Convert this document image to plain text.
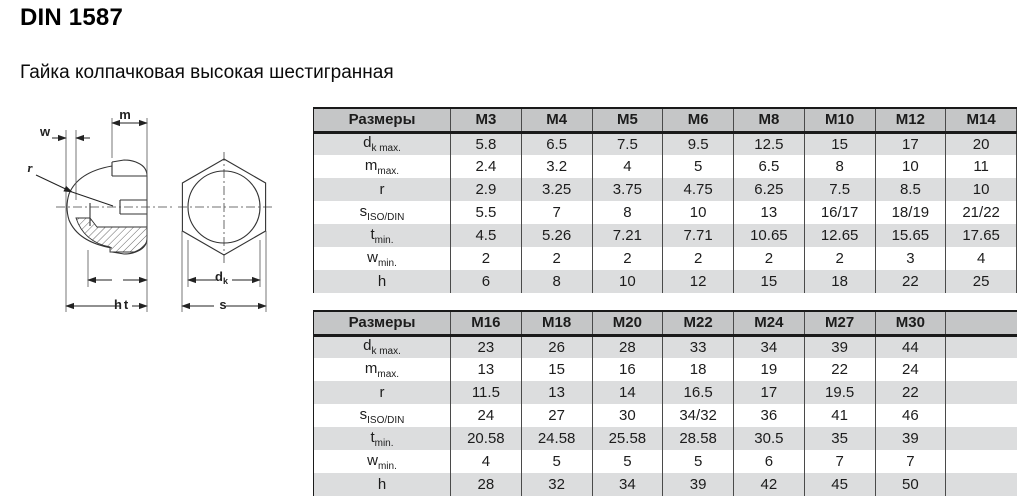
DIN 1587
Гайка колпачковая высокая шестигранная
m
w
r
t
h
d k
s
Размеры	M3	M4	M5	M6	M8	M10	M12	M14
$d_{k max.}$	5.8	6.5	7.5	9.5	12.5	15	17	20
$m_{max.}$	2.4	3.2	4	5	6.5	8	10	11
r	2.9	3.25	3.75	4.75	6.25	7.5	8.5	10
$s_{ISO/DIN}$	5.5	7	8	10	13	16/17	18/19	21/22
$t_{min.}$	4.5	5.26	7.21	7.71	10.65	12.65	15.65	17.65
$w_{min.}$	2	2	2	2	2	2	3	4
h	6	8	10	12	15	18	22	25
Размеры	M16	M18	M20	M22	M24	M27	M30	
$d_{k max.}$	23	26	28	33	34	39	44	
$m_{max.}$	13	15	16	18	19	22	24	
r	11.5	13	14	16.5	17	19.5	22	
$s_{ISO/DIN}$	24	27	30	34/32	36	41	46	
$t_{min.}$	20.58	24.58	25.58	28.58	30.5	35	39	
$w_{min.}$	4	5	5	5	6	7	7	
h	28	32	34	39	42	45	50	
